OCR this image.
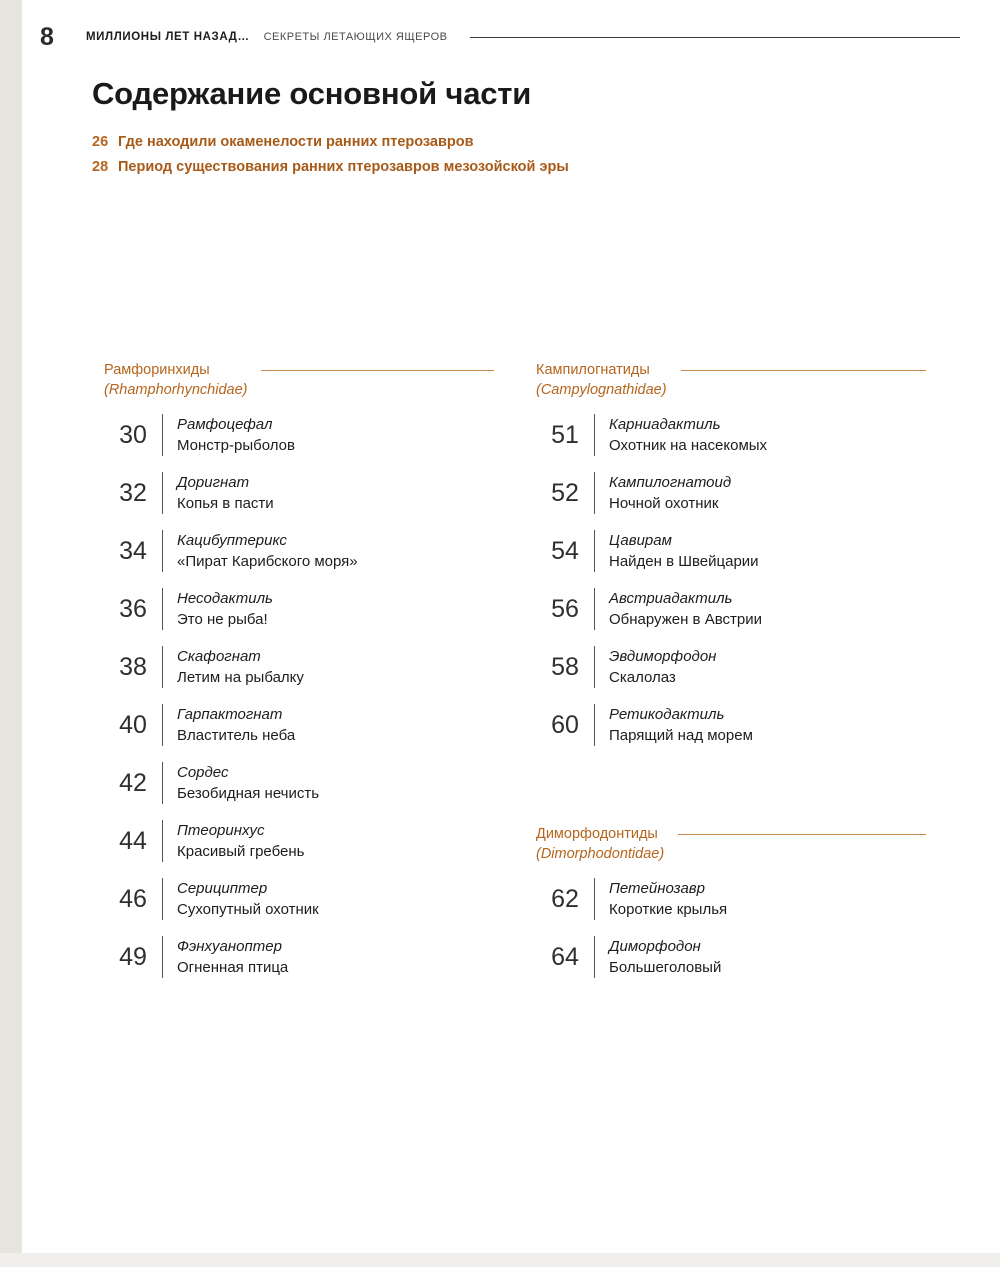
8	МИЛЛИОНЫ ЛЕТ НАЗАД… СЕКРЕТЫ ЛЕТАЮЩИХ ЯЩЕРОВ
Содержание основной части
26 Где находили окаменелости ранних птерозавров
28 Период существования ранних птерозавров мезозойской эры
Рамфоринхиды
(Rhamphorhynchidae)
30	Рамфоцефал
Монстр-рыболов
32	Доригнат
Копья в пасти
34	Кацибуптерикс
«Пират Карибского моря»
36	Несодактиль
Это не рыба!
38	Скафогнат
Летим на рыбалку
40	Гарпактогнат
Властитель неба
42	Сордес
Безобидная нечисть
44	Птеоринхус
Красивый гребень
46	Серициптер
Сухопутный охотник
49	Фэнхуаноптер
Огненная птица
Кампилогнатиды
(Campylognathidae)
51	Карниадактиль
Охотник на насекомых
52	Кампилогнатоид
Ночной охотник
54	Цавирам
Найден в Швейцарии
56	Австриадактиль
Обнаружен в Австрии
58	Эвдиморфодон
Скалолаз
60	Ретикодактиль
Парящий над морем
Диморфодонтиды
(Dimorphodontidae)
62	Петейнозавр
Короткие крылья
64	Диморфодон
Большеголовый
